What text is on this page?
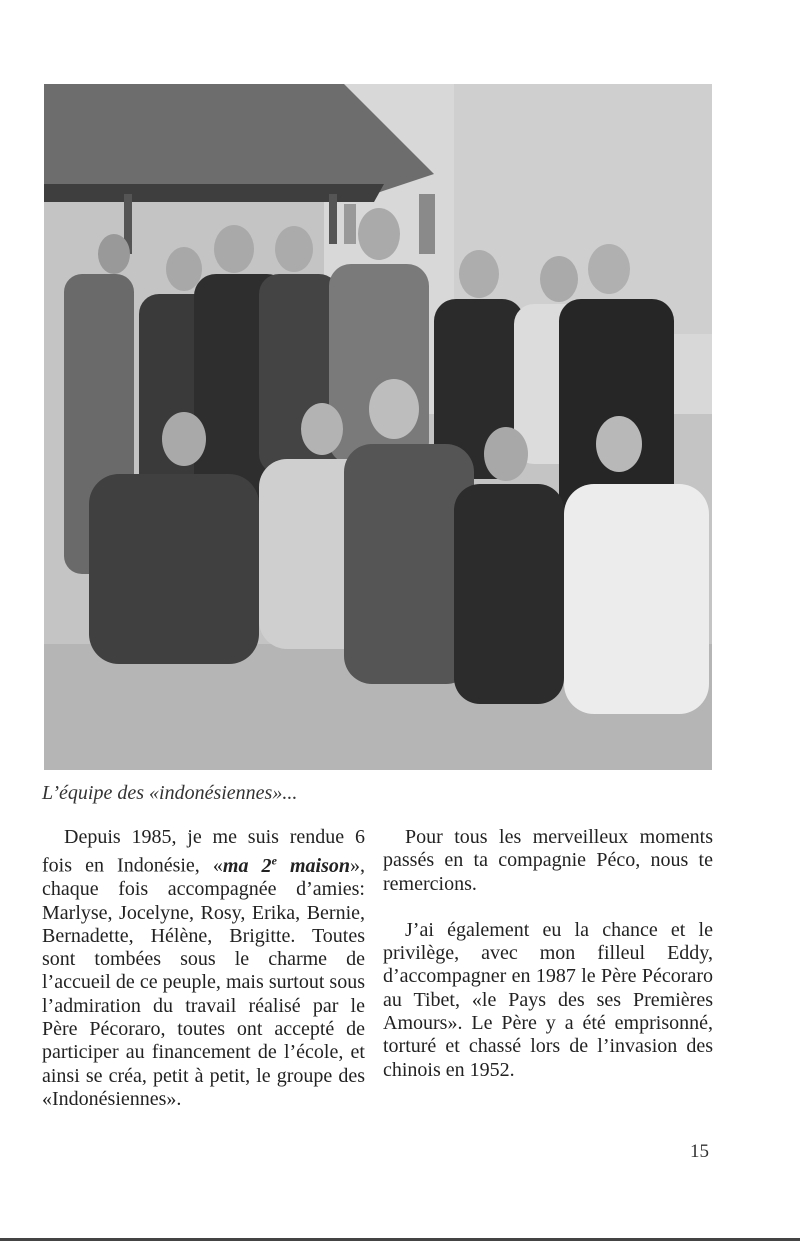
L’équipe des «indonésiennes»...

Depuis 1985, je me suis rendue 6 fois en Indonésie, «ma 2e maison», chaque fois accompagnée d’amies: Marlyse, Jocelyne, Rosy, Erika, Bernie, Bernadette, Hélène, Brigitte. Toutes sont tombées sous le charme de l’accueil de ce peuple, mais surtout sous l’admiration du travail réalisé par le Père Pécoraro, toutes ont accepté de participer au financement de l’école, et ainsi se créa, petit à petit, le groupe des «Indonésiennes».

Pour tous les merveilleux moments passés en ta compagnie Péco, nous te remercions.

J’ai également eu la chance et le privilège, avec mon filleul Eddy, d’accompagner en 1987 le Père Pécoraro au Tibet, «le Pays des ses Premières Amours». Le Père y a été emprisonné, torturé et chassé lors de l’invasion des chinois en 1952.

15
